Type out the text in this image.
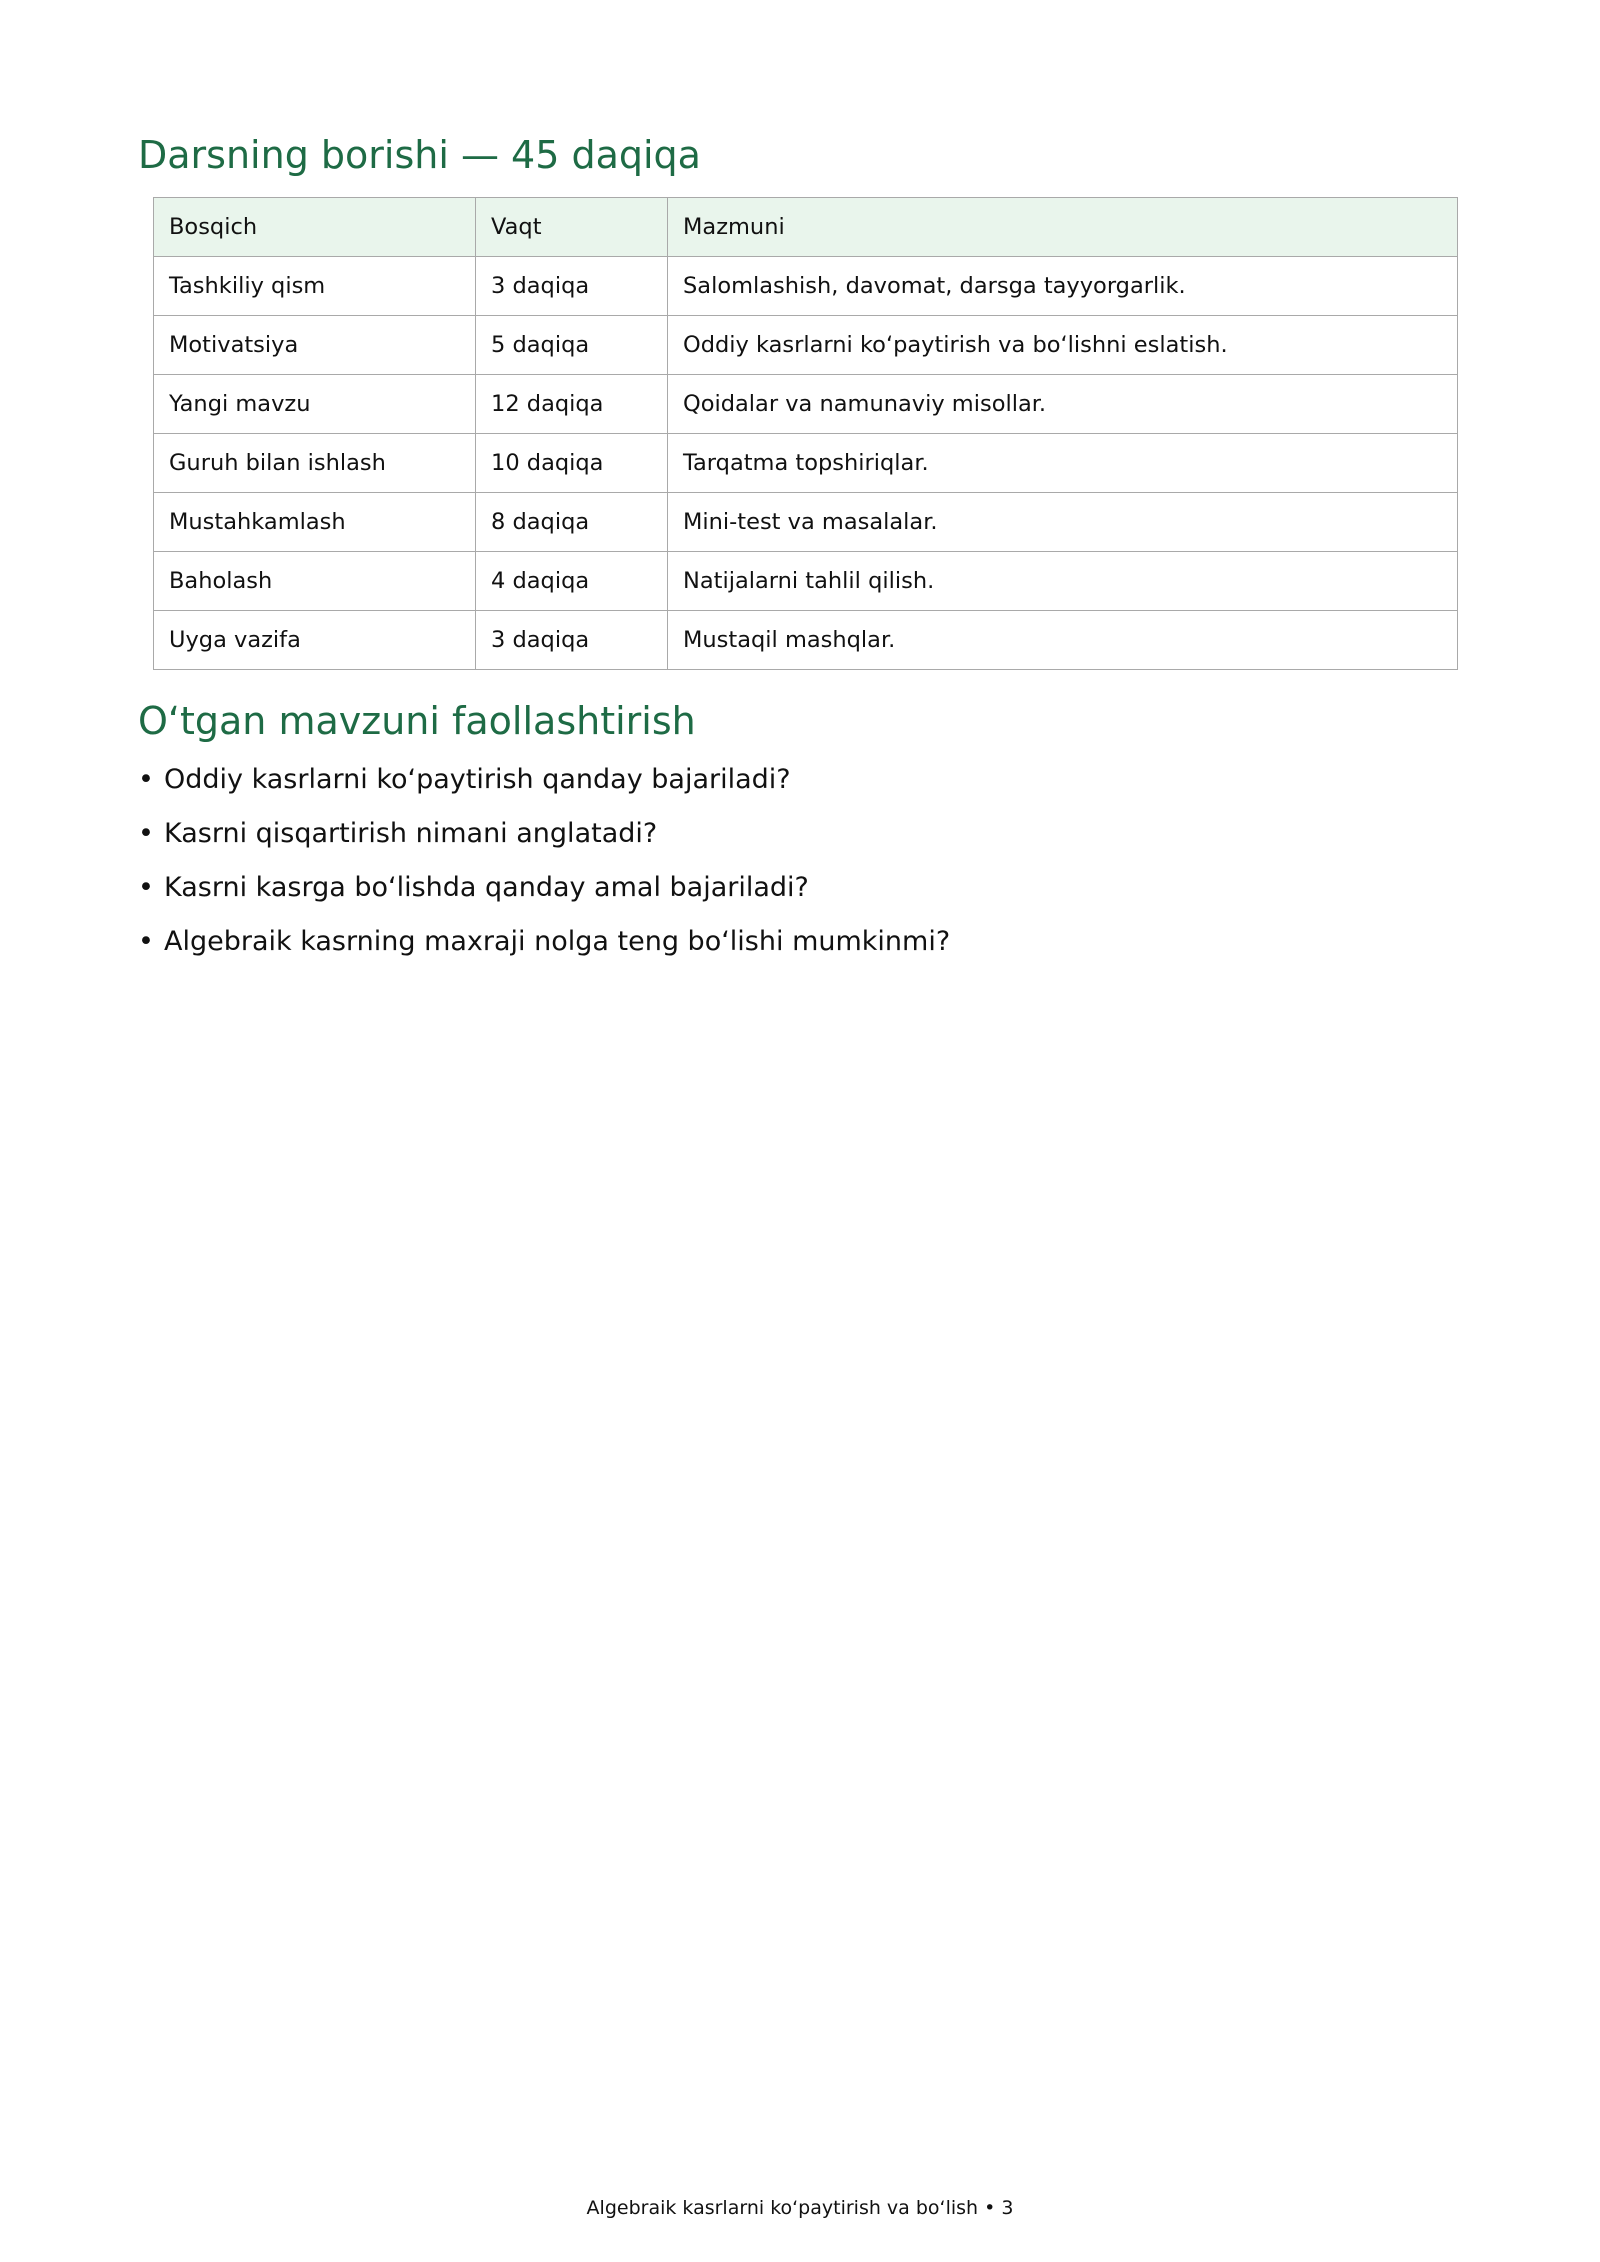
Darsning borishi — 45 daqiqa
Bosqich	Vaqt	Mazmuni
Tashkiliy qism	3 daqiqa	Salomlashish, davomat, darsga tayyorgarlik.
Motivatsiya	5 daqiqa	Oddiy kasrlarni ko‘paytirish va bo‘lishni eslatish.
Yangi mavzu	12 daqiqa	Qoidalar va namunaviy misollar.
Guruh bilan ishlash	10 daqiqa	Tarqatma topshiriqlar.
Mustahkamlash	8 daqiqa	Mini-test va masalalar.
Baholash	4 daqiqa	Natijalarni tahlil qilish.
Uyga vazifa	3 daqiqa	Mustaqil mashqlar.
O‘tgan mavzuni faollashtirish
• Oddiy kasrlarni ko‘paytirish qanday bajariladi?
• Kasrni qisqartirish nimani anglatadi?
• Kasrni kasrga bo‘lishda qanday amal bajariladi?
• Algebraik kasrning maxraji nolga teng bo‘lishi mumkinmi?
Algebraik kasrlarni ko‘paytirish va bo‘lish • 3
